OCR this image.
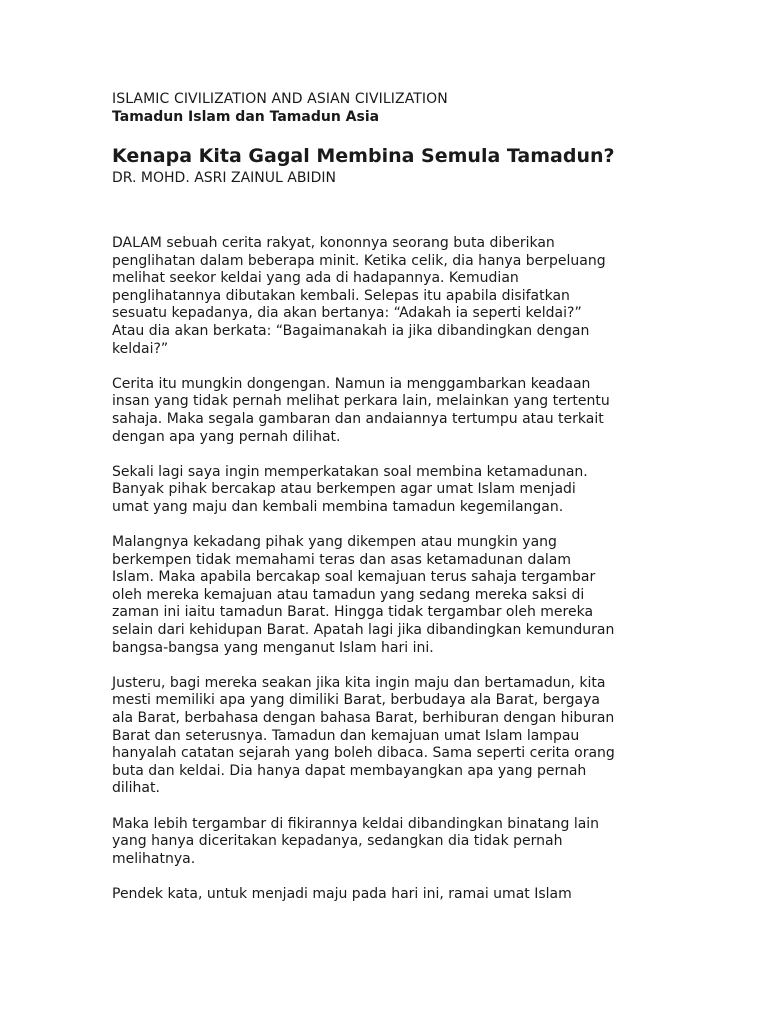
ISLAMIC CIVILIZATION AND ASIAN CIVILIZATION

Tamadun Islam dan Tamadun Asia

Kenapa Kita Gagal Membina Semula Tamadun?

DR. MOHD. ASRI ZAINUL ABIDIN

DALAM sebuah cerita rakyat, kononnya seorang buta diberikan
penglihatan dalam beberapa minit. Ketika celik, dia hanya berpeluang
melihat seekor keldai yang ada di hadapannya. Kemudian
penglihatannya dibutakan kembali. Selepas itu apabila disifatkan
sesuatu kepadanya, dia akan bertanya: “Adakah ia seperti keldai?”
Atau dia akan berkata: “Bagaimanakah ia jika dibandingkan dengan
keldai?”

Cerita itu mungkin dongengan. Namun ia menggambarkan keadaan
insan yang tidak pernah melihat perkara lain, melainkan yang tertentu
sahaja. Maka segala gambaran dan andaiannya tertumpu atau terkait
dengan apa yang pernah dilihat.

Sekali lagi saya ingin memperkatakan soal membina ketamadunan.
Banyak pihak bercakap atau berkempen agar umat Islam menjadi
umat yang maju dan kembali membina tamadun kegemilangan.

Malangnya kekadang pihak yang dikempen atau mungkin yang
berkempen tidak memahami teras dan asas ketamadunan dalam
Islam. Maka apabila bercakap soal kemajuan terus sahaja tergambar
oleh mereka kemajuan atau tamadun yang sedang mereka saksi di
zaman ini iaitu tamadun Barat. Hingga tidak tergambar oleh mereka
selain dari kehidupan Barat. Apatah lagi jika dibandingkan kemunduran
bangsa-bangsa yang menganut Islam hari ini.

Justeru, bagi mereka seakan jika kita ingin maju dan bertamadun, kita
mesti memiliki apa yang dimiliki Barat, berbudaya ala Barat, bergaya
ala Barat, berbahasa dengan bahasa Barat, berhiburan dengan hiburan
Barat dan seterusnya. Tamadun dan kemajuan umat Islam lampau
hanyalah catatan sejarah yang boleh dibaca. Sama seperti cerita orang
buta dan keldai. Dia hanya dapat membayangkan apa yang pernah
dilihat.

Maka lebih tergambar di fikirannya keldai dibandingkan binatang lain
yang hanya diceritakan kepadanya, sedangkan dia tidak pernah
melihatnya.

Pendek kata, untuk menjadi maju pada hari ini, ramai umat Islam
